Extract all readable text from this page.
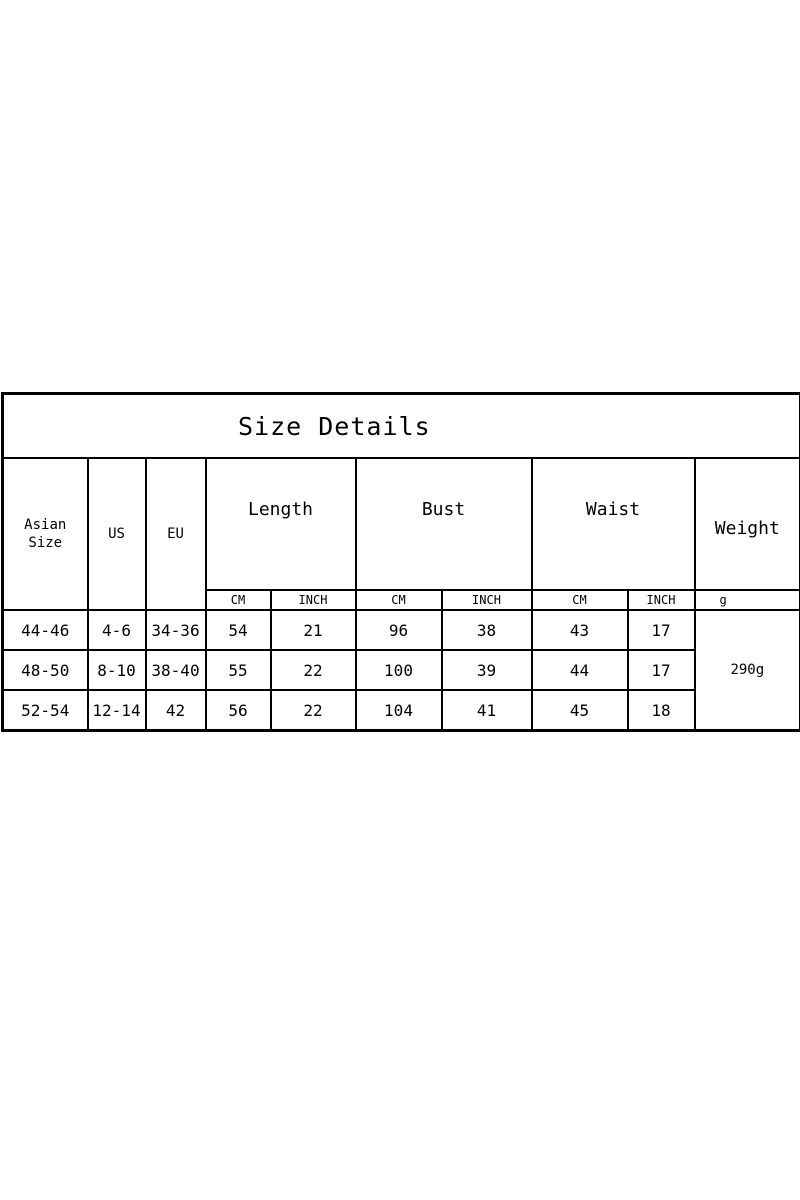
Size Details									
Asian Size	US	EU	Length		Bust		Waist		Weight
			CM	INCH	CM	INCH	CM	INCH	g
44-46	4-6	34-36	54	21	96	38	43	17	290g
48-50	8-10	38-40	55	22	100	39	44	17	
52-54	12-14	42	56	22	104	41	45	18	
